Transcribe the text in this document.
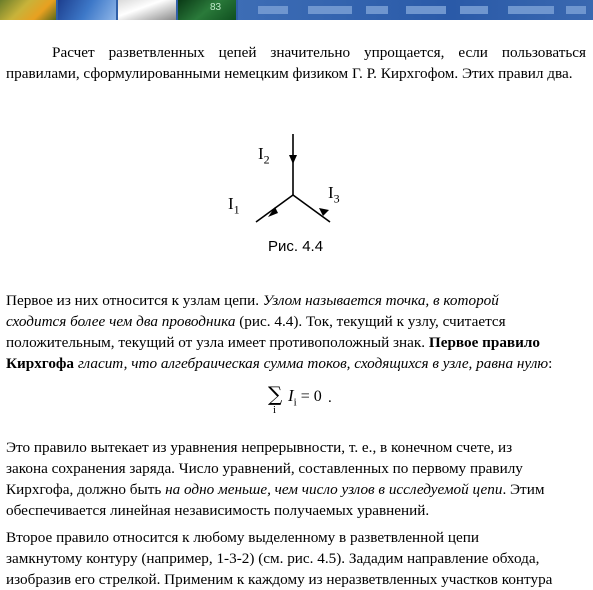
83

Расчет разветвленных цепей значительно упрощается, если пользоваться правилами, сформулированными немецким физиком Г. Р. Кирхгофом. Этих правил два.

$I_2$
$I_1$
$I_3$
Рис. 4.4
Первое из них относится к узлам цепи. Узлом называется точка, в которой
сходится более чем два проводника (рис. 4.4). Ток, текущий к узлу, считается
положительным, текущий от узла имеет противоположный знак. Первое правило
Кирхгофа гласит, что алгебраическая сумма токов, сходящихся в узле, равна нулю:
∑
i
$I_i = 0$ .
Это правило вытекает из уравнения непрерывности, т. е., в конечном счете, из
закона сохранения заряда. Число уравнений, составленных по первому правилу
Кирхгофа, должно быть на одно меньше, чем число узлов в исследуемой цепи. Этим
обеспечивается линейная независимость получаемых уравнений.
Второе правило относится к любому выделенному в разветвленной цепи
замкнутому контуру (например, 1-3-2) (см. рис. 4.5). Зададим направление обхода,
изобразив его стрелкой. Применим к каждому из неразветвленных участков контура
